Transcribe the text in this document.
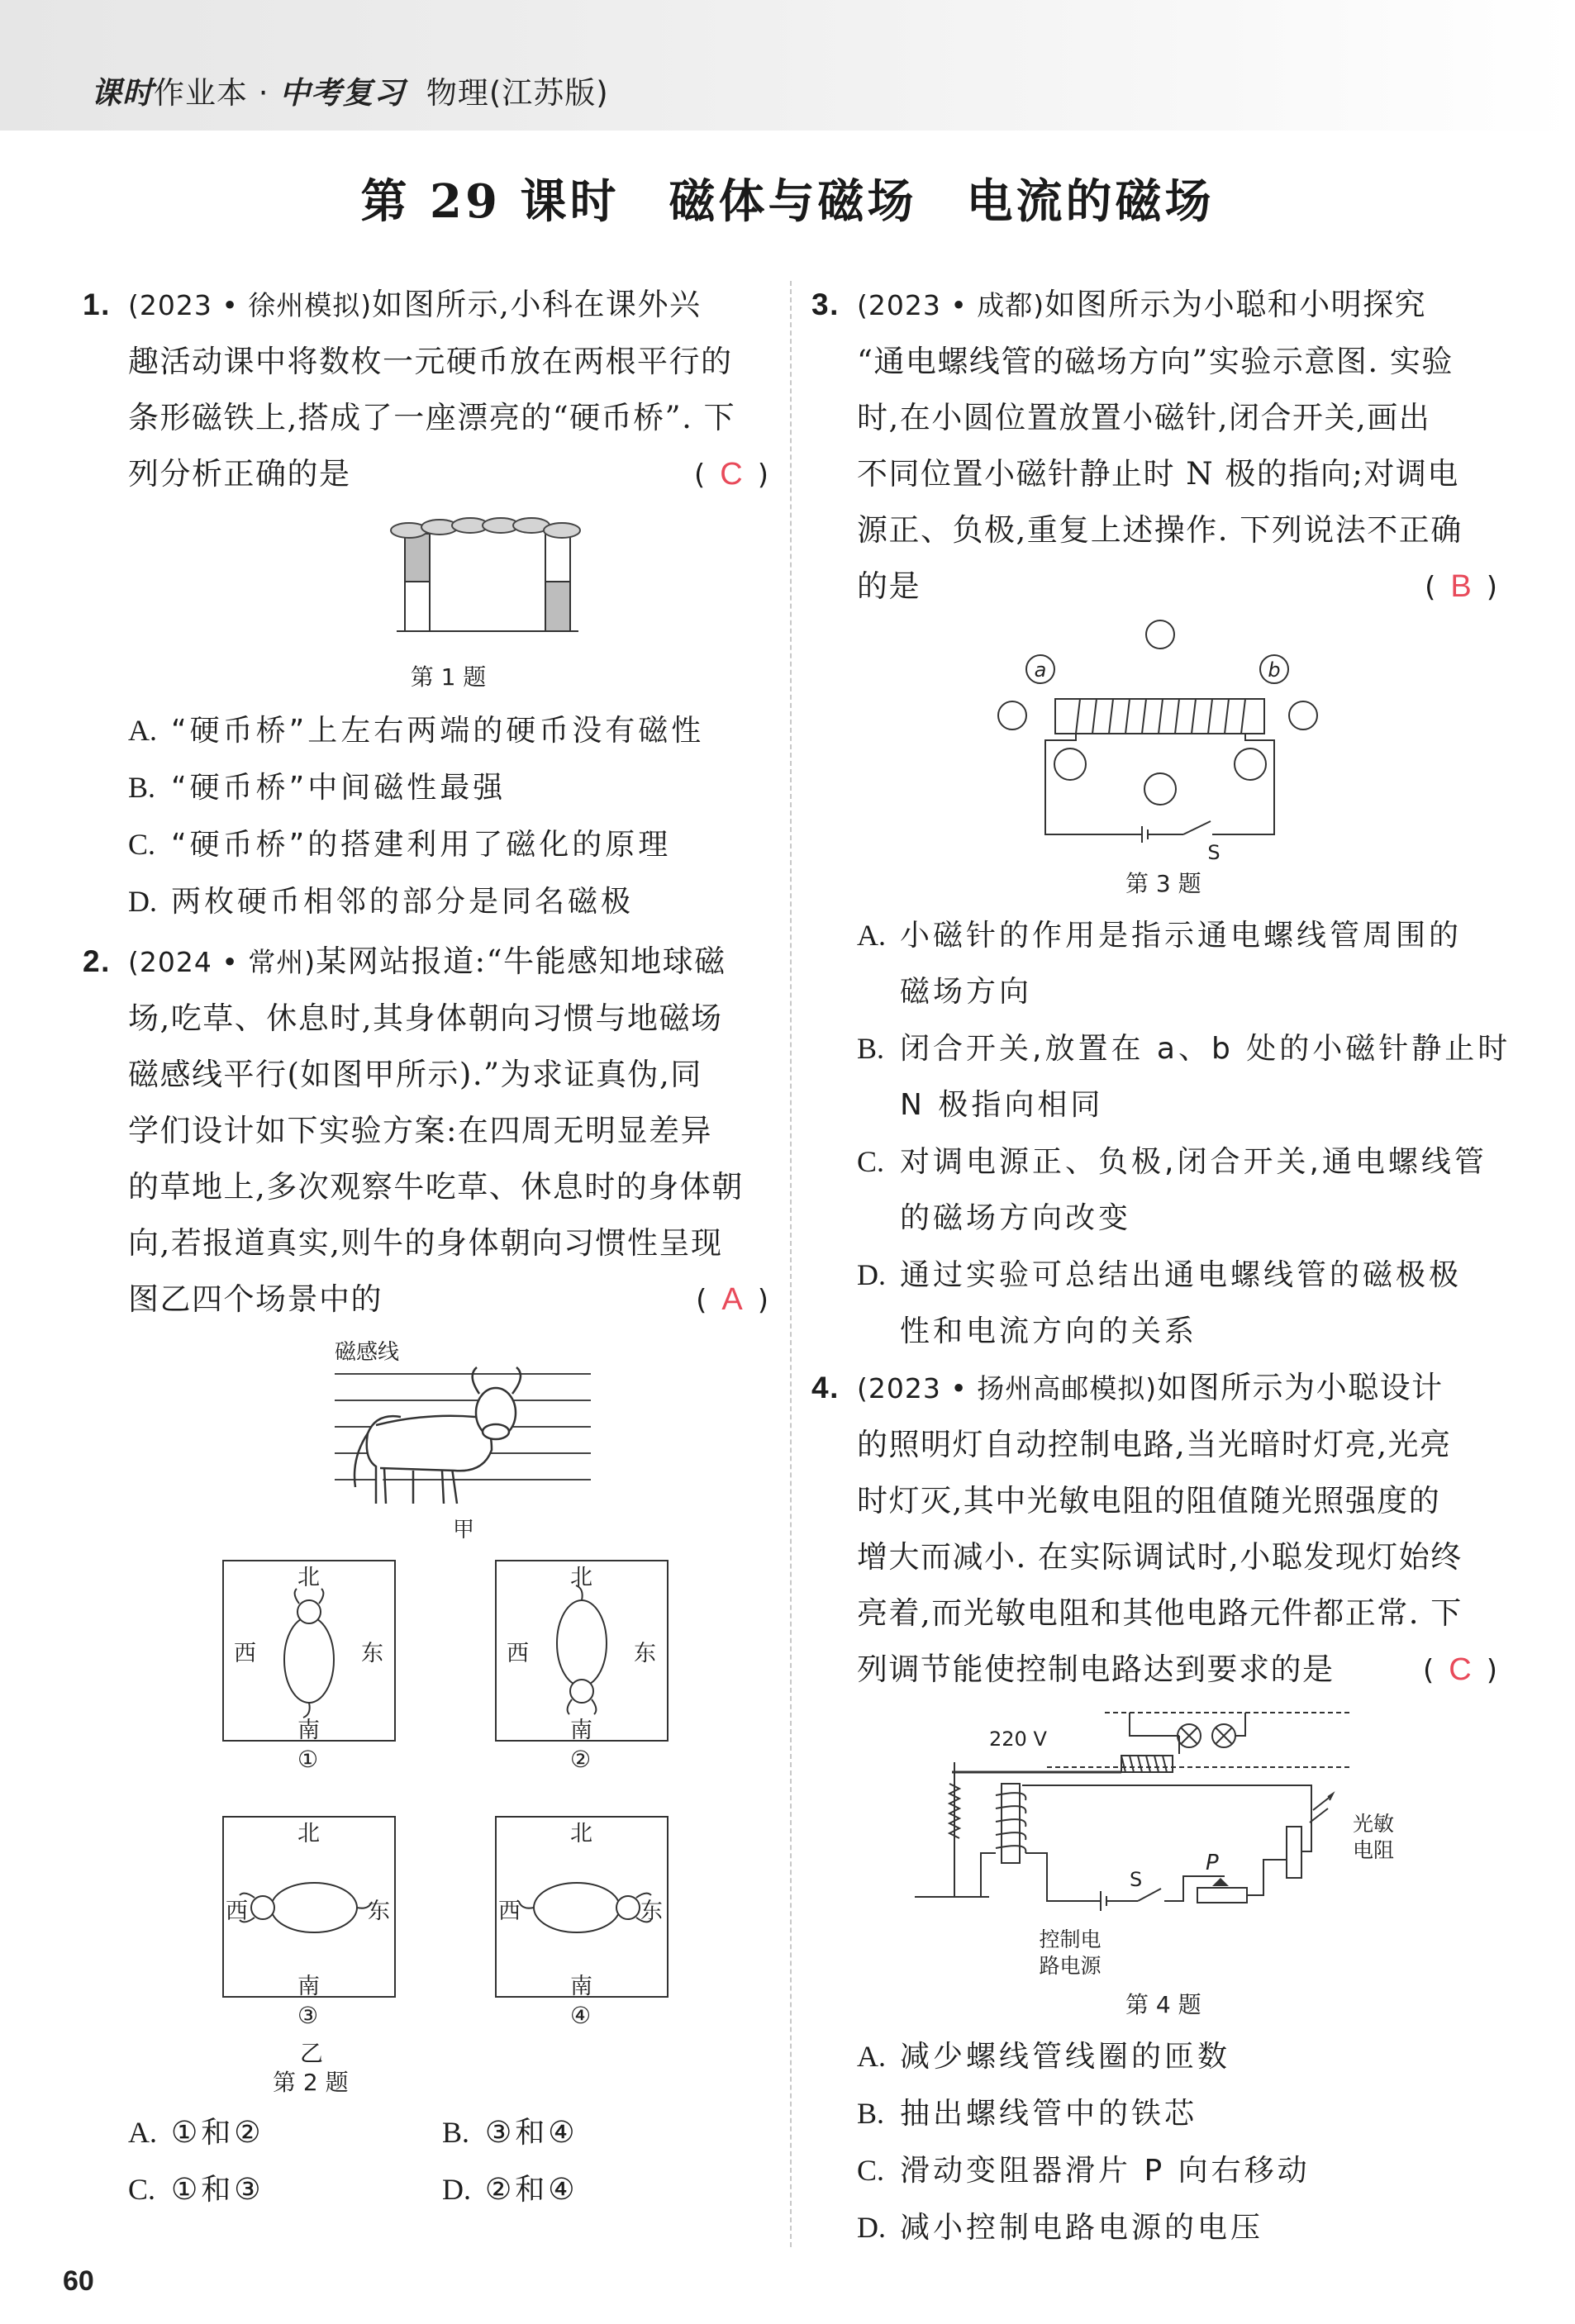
课时作业本 · 中考复习 物理(江苏版)
第 29 课时　磁体与磁场　电流的磁场
1. (2023 • 徐州模拟)如图所示,小科在课外兴
趣活动课中将数枚一元硬币放在两根平行的
条形磁铁上,搭成了一座漂亮的“硬币桥”. 下
列分析正确的是	( C )
第 1 题
A. “硬币桥”上左右两端的硬币没有磁性
B. “硬币桥”中间磁性最强
C. “硬币桥”的搭建利用了磁化的原理
D. 两枚硬币相邻的部分是同名磁极
2. (2024 • 常州)某网站报道:“牛能感知地球磁
场,吃草、休息时,其身体朝向习惯与地磁场
磁感线平行(如图甲所示).”为求证真伪,同
学们设计如下实验方案:在四周无明显差异
的草地上,多次观察牛吃草、休息时的身体朝
向,若报道真实,则牛的身体朝向习惯性呈现
图乙四个场景中的	( A )
磁感线
甲
北
南
西	东
①
北
南
西	东
②
北
南
西	东
③
北
南
西	东
④
乙
第 2 题
A. ①和②	B. ③和④
C. ①和③	D. ②和④
3. (2023 • 成都)如图所示为小聪和小明探究
“通电螺线管的磁场方向”实验示意图. 实验
时,在小圆位置放置小磁针,闭合开关,画出
不同位置小磁针静止时 N 极的指向;对调电
源正、负极,重复上述操作. 下列说法不正确
的是	( B )
a	b
S
第 3 题
A. 小磁针的作用是指示通电螺线管周围的
磁场方向
B. 闭合开关,放置在 a、b 处的小磁针静止时
N 极指向相同
C. 对调电源正、负极,闭合开关,通电螺线管
的磁场方向改变
D. 通过实验可总结出通电螺线管的磁极极
性和电流方向的关系
4. (2023 • 扬州高邮模拟)如图所示为小聪设计
的照明灯自动控制电路,当光暗时灯亮,光亮
时灯灭,其中光敏电阻的阻值随光照强度的
增大而减小. 在实际调试时,小聪发现灯始终
亮着,而光敏电阻和其他电路元件都正常. 下
列调节能使控制电路达到要求的是	( C )
220 V
S
P
光敏
电阻
控制电
路电源
第 4 题
A. 减少螺线管线圈的匝数
B. 抽出螺线管中的铁芯
C. 滑动变阻器滑片 P 向右移动
D. 减小控制电路电源的电压
60
